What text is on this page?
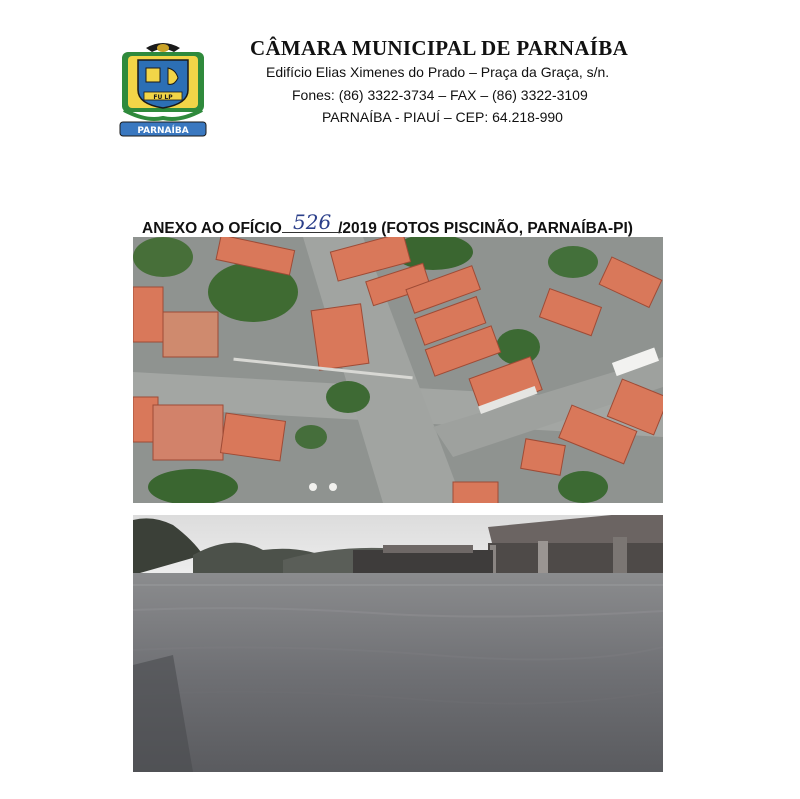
FU LP
PARNAÍBA
CÂMARA MUNICIPAL DE PARNAÍBA
Edifício Elias Ximenes do Prado – Praça da Graça, s/n.
Fones: (86) 3322-3734 – FAX – (86) 3322-3109
PARNAÍBA - PIAUÍ – CEP: 64.218-990
ANEXO AO OFÍCIO 526 /2019 (FOTOS PISCINÃO, PARNAÍBA-PI)
